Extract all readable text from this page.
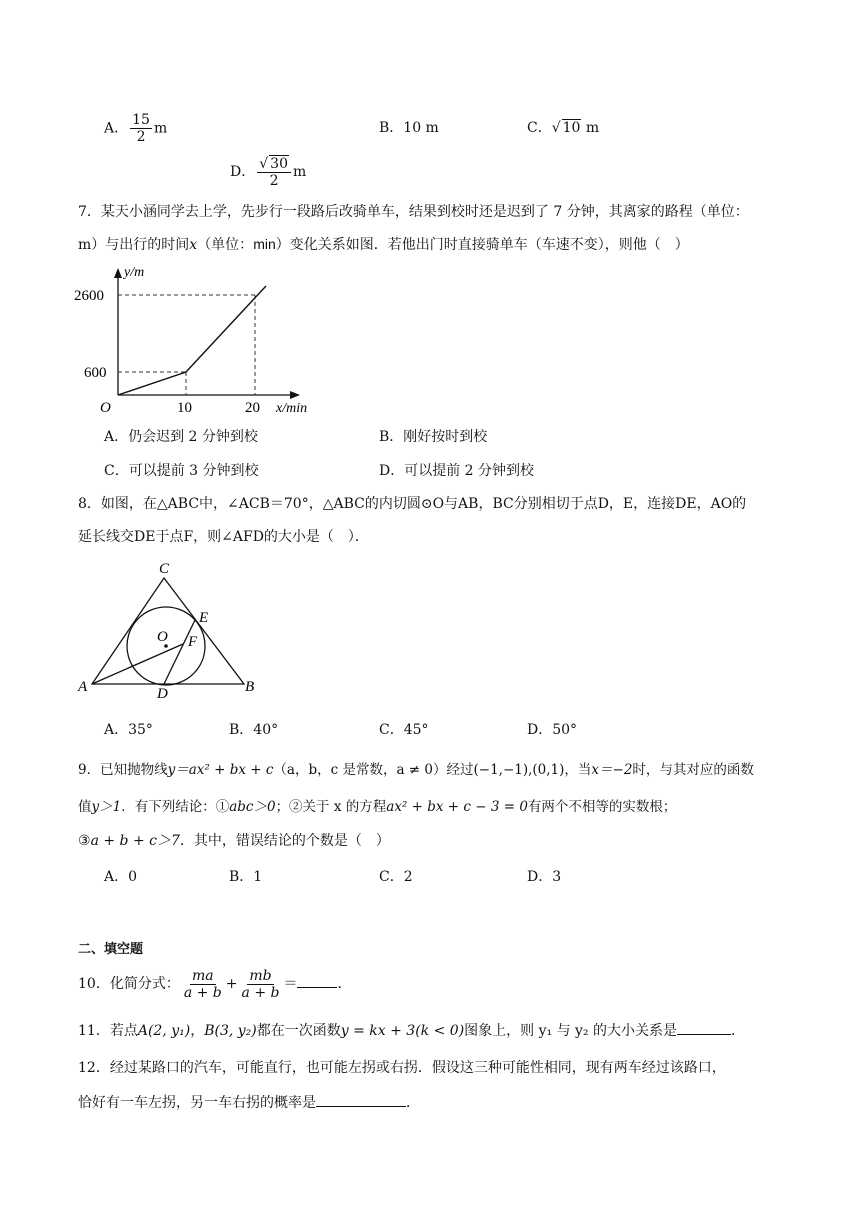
A． $\frac{15}{2}$ m	B．10 m	C．√ 10 m
D． $\frac{√ 30}{2}$ m
7．某天小涵同学去上学，先步行一段路后改骑单车，结果到校时还是迟到了 7 分钟，其离家的路程（单位：
m）与出行的时间x（单位：min）变化关系如图．若他出门时直接骑单车（车速不变），则他（　）
y/m
x/min
O
2600
600
10	20
A．仍会迟到 2 分钟到校	B．刚好按时到校
C．可以提前 3 分钟到校	D．可以提前 2 分钟到校
8．如图，在△ABC中，∠ACB＝70°，△ABC的内切圆⊙O与AB，BC分别相切于点D，E，连接DE，AO的
延长线交DE于点F，则∠AFD的大小是（　）．
C
E
O F
A	D	B
A．35°	B．40°	C．45°	D．50°
9．已知抛物线y＝ax² + bx + c（a，b，c 是常数，a ≠ 0）经过(−1,−1),(0,1)，当x＝−2时，与其对应的函数
值y＞1．有下列结论：①abc＞0；②关于 x 的方程ax² + bx + c − 3 = 0有两个不相等的实数根；
③a + b + c＞7．其中，错误结论的个数是（　）
A．0	B．1	C．2	D．3
二、填空题
10．化简分式： $\frac{ma}{a + b} + \frac{mb}{a + b}$ ＝	．
11．若点A(2, y₁)，B(3, y₂)都在一次函数y = kx + 3(k < 0)图象上，则 y₁ 与 y₂ 的大小关系是	．
12．经过某路口的汽车，可能直行，也可能左拐或右拐．假设这三种可能性相同，现有两车经过该路口，
恰好有一车左拐，另一车右拐的概率是	．
